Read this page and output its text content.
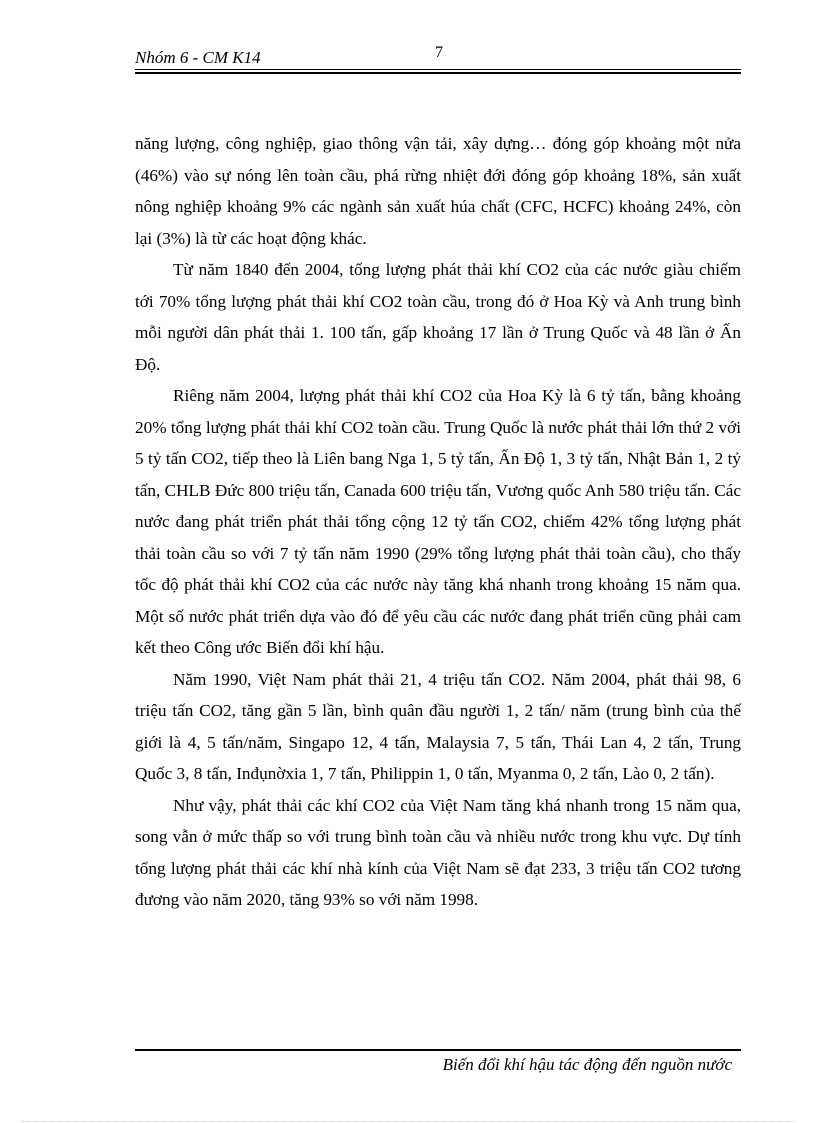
Nhóm 6 - CM K14	7

năng lượng, công nghiệp, giao thông vận tải, xây dựng… đóng góp khoảng một nửa (46%) vào sự nóng lên toàn cầu, phá rừng nhiệt đới đóng góp khoảng 18%, sản xuất nông nghiệp khoảng 9% các ngành sản xuất húa chất (CFC, HCFC) khoảng 24%, còn lại (3%) là từ các hoạt động khác.

Từ năm 1840 đến 2004, tổng lượng phát thải khí CO2 của các nước giàu chiếm tới 70% tổng lượng phát thải khí CO2 toàn cầu, trong đó ở Hoa Kỳ và Anh trung bình mỗi người dân phát thải 1. 100 tấn, gấp khoảng 17 lần ở Trung Quốc và 48 lần ở Ấn Độ.

Riêng năm 2004, lượng phát thải khí CO2 của Hoa Kỳ là 6 tỷ tấn, bằng khoảng 20% tổng lượng phát thải khí CO2 toàn cầu. Trung Quốc là nước phát thải lớn thứ 2 với 5 tỷ tấn CO2, tiếp theo là Liên bang Nga 1, 5 tỷ tấn, Ấn Độ 1, 3 tỷ tấn, Nhật Bản 1, 2 tỷ tấn, CHLB Đức 800 triệu tấn, Canada 600 triệu tấn, Vương quốc Anh 580 triệu tấn. Các nước đang phát triển phát thải tổng cộng 12 tỷ tấn CO2, chiếm 42% tổng lượng phát thải toàn cầu so với 7 tỷ tấn năm 1990 (29% tổng lượng phát thải toàn cầu), cho thấy tốc độ phát thải khí CO2 của các nước này tăng khá nhanh trong khoảng 15 năm qua. Một số nước phát triển dựa vào đó để yêu cầu các nước đang phát triển cũng phải cam kết theo Công ước Biến đổi khí hậu.

Năm 1990, Việt Nam phát thải 21, 4 triệu tấn CO2. Năm 2004, phát thải 98, 6 triệu tấn CO2, tăng gần 5 lần, bình quân đầu người 1, 2 tấn/ năm (trung bình của thế giới là 4, 5 tấn/năm, Singapo 12, 4 tấn, Malaysia 7, 5 tấn, Thái Lan 4, 2 tấn, Trung Quốc 3, 8 tấn, Inđụnờxia 1, 7 tấn, Philippin 1, 0 tấn, Myanma 0, 2 tấn, Lào 0, 2 tấn).

Như vậy, phát thải các khí CO2 của Việt Nam tăng khá nhanh trong 15 năm qua, song vẫn ở mức thấp so với trung bình toàn cầu và nhiều nước trong khu vực. Dự tính tổng lượng phát thải các khí nhà kính của Việt Nam sẽ đạt 233, 3 triệu tấn CO2 tương đương vào năm 2020, tăng 93% so với năm 1998.

Biến đổi khí hậu tác động đến nguồn nước
